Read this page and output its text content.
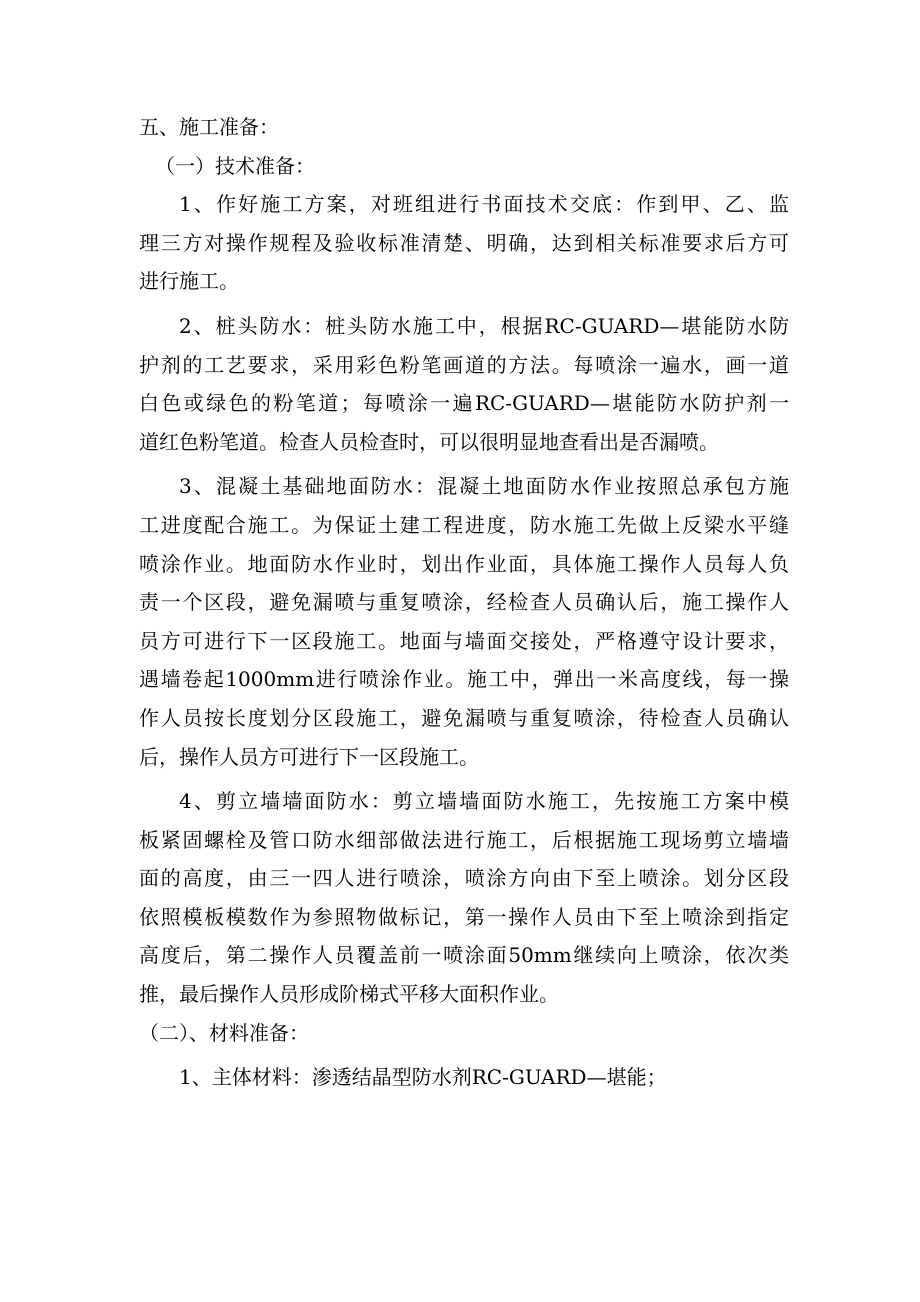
五、施工准备：
（一）技术准备：
1、作好施工方案，对班组进行书面技术交底：作到甲、乙、监
理三方对操作规程及验收标准清楚、明确，达到相关标准要求后方可
进行施工。
2、桩头防水：桩头防水施工中，根据RC-GUARD—堪能防水防
护剂的工艺要求，采用彩色粉笔画道的方法。每喷涂一遍水，画一道
白色或绿色的粉笔道；每喷涂一遍RC-GUARD—堪能防水防护剂一
道红色粉笔道。检查人员检查时，可以很明显地查看出是否漏喷。
3、混凝土基础地面防水：混凝土地面防水作业按照总承包方施
工进度配合施工。为保证土建工程进度，防水施工先做上反梁水平缝
喷涂作业。地面防水作业时，划出作业面，具体施工操作人员每人负
责一个区段，避免漏喷与重复喷涂，经检查人员确认后，施工操作人
员方可进行下一区段施工。地面与墙面交接处，严格遵守设计要求，
遇墙卷起1000mm进行喷涂作业。施工中，弹出一米高度线，每一操
作人员按长度划分区段施工，避免漏喷与重复喷涂，待检查人员确认
后，操作人员方可进行下一区段施工。
4、剪立墙墙面防水：剪立墙墙面防水施工，先按施工方案中模
板紧固螺栓及管口防水细部做法进行施工，后根据施工现场剪立墙墙
面的高度，由三一四人进行喷涂，喷涂方向由下至上喷涂。划分区段
依照模板模数作为参照物做标记，第一操作人员由下至上喷涂到指定
高度后，第二操作人员覆盖前一喷涂面50mm继续向上喷涂，依次类
推，最后操作人员形成阶梯式平移大面积作业。
（二）、材料准备：
1、主体材料：渗透结晶型防水剂RC-GUARD—堪能；
